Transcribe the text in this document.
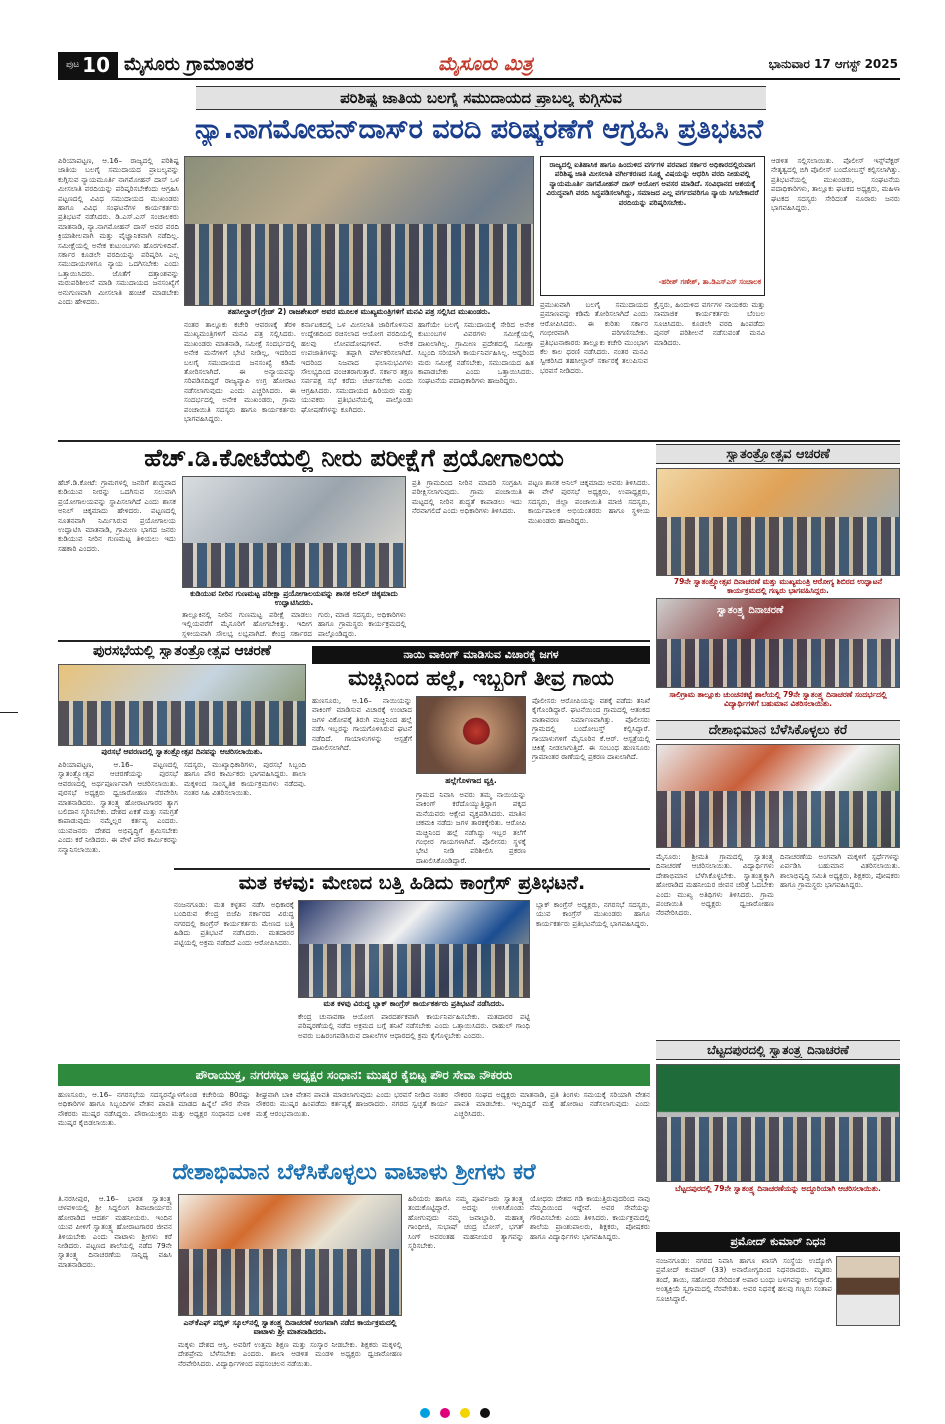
ಪುಟ 10 ಮೈಸೂರು ಗ್ರಾಮಾಂತರ	ಮೈಸೂರು ಮಿತ್ರ	ಭಾನುವಾರ 17 ಆಗಸ್ಟ್ 2025
ಪರಿಶಿಷ್ಟ ಜಾತಿಯ ಬಲಗೈ ಸಮುದಾಯದ ಪ್ರಾಬಲ್ಯ ಕುಗ್ಗಿಸುವ
ನ್ಯಾ.ನಾಗಮೋಹನ್‌ದಾಸ್‌ರ ವರದಿ ಪರಿಷ್ಕರಣೆಗೆ ಆಗ್ರಹಿಸಿ ಪ್ರತಿಭಟನೆ
ಪಿರಿಯಾಪಟ್ಟಣ, ಆ.16– ರಾಜ್ಯದಲ್ಲಿ ಪರಿಶಿಷ್ಟ ಜಾತಿಯ ಬಲಗೈ ಸಮುದಾಯದ ಪ್ರಾಬಲ್ಯವನ್ನು ಕುಗ್ಗಿಸುವ ನ್ಯಾಯಮೂರ್ತಿ ನಾಗಮೋಹನ್ ದಾಸ್ ಒಳ ಮೀಸಲಾತಿ ವರದಿಯನ್ನು ಪರಿಷ್ಕರಿಸಬೇಕೆಂದು ಆಗ್ರಹಿಸಿ ಪಟ್ಟಣದಲ್ಲಿ ವಿವಿಧ ಸಮುದಾಯದ ಮುಖಂಡರು ಹಾಗೂ ವಿವಿಧ ಸಂಘಟನೆಗಳ ಕಾರ್ಯಕರ್ತರು ಪ್ರತಿಭಟನೆ ನಡೆಸಿದರು. ಡಿ.ಎಸ್.ಎಸ್ ಸಂಚಾಲಕರು ಮಾತನಾಡಿ, ನ್ಯಾ.ನಾಗಮೋಹನ್ ದಾಸ್ ಅವರ ವರದಿ ಕ್ರಿಯಾಶೀಲವಾಗಿ ಮತ್ತು ವೈಜ್ಞಾನಿಕವಾಗಿ ನಡೆದಿಲ್ಲ. ಸಮೀಕ್ಷೆಯಲ್ಲಿ ಅನೇಕ ಕುಟುಂಬಗಳು ಹೊರಗುಳಿದಿವೆ. ಸರ್ಕಾರ ಕೂಡಲೇ ವರದಿಯನ್ನು ಪರಿಷ್ಕರಿಸಿ ಎಲ್ಲ ಸಮುದಾಯಗಳಿಗೂ ನ್ಯಾಯ ಒದಗಿಸಬೇಕು ಎಂದು ಒತ್ತಾಯಿಸಿದರು. ಜೊತೆಗೆ ದತ್ತಾಂಶವನ್ನು ಮರುಪರಿಶೀಲನೆ ಮಾಡಿ ಸಮುದಾಯದ ಜನಸಂಖ್ಯೆಗೆ ಅನುಗುಣವಾಗಿ ಮೀಸಲಾತಿ ಹಂಚಿಕೆ ಮಾಡಬೇಕು ಎಂದು ಹೇಳಿದರು.
ತಹಸೀಲ್ದಾರ್(ಗ್ರೇಡ್ 2) ರಾಜಶೇಖರ್ ಅವರ ಮೂಲಕ ಮುಖ್ಯಮಂತ್ರಿಗಳಿಗೆ ಮನವಿ ಪತ್ರ ಸಲ್ಲಿಸಿದ ಮುಖಂಡರು.
ರಾಜ್ಯದಲ್ಲಿ ಐತಿಹಾಸಿಕ ಹಾಗೂ ಹಿಂದುಳಿದ ವರ್ಗಗಳ ಪರವಾದ ಸರ್ಕಾರ ಅಧಿಕಾರದಲ್ಲಿರುವಾಗ ಪರಿಶಿಷ್ಟ ಜಾತಿ ಮೀಸಲಾತಿ ವರ್ಗೀಕರಣದ ಸೂಕ್ಷ್ಮ ವಿಷಯನ್ನು ಆಧರಿಸಿ ವರದಿ ನೀಡುವಲ್ಲಿ ನ್ಯಾಯಮೂರ್ತಿ ನಾಗಮೋಹನ್ ದಾಸ್ ಆಯೋಗ ಅವಸರ ಮಾಡಿದೆ. ಸಂವಿಧಾನದ ಆಶಯಕ್ಕೆ ವಿರುದ್ಧವಾಗಿ ವರದಿ ಸಿದ್ಧಪಡಿಸಲಾಗಿದ್ದು, ಸಮಾಜದ ಎಲ್ಲ ವರ್ಗದವರಿಗೂ ನ್ಯಾಯ ಸಿಗಬೇಕಾದರೆ ವರದಿಯನ್ನು ಪರಿಷ್ಕರಿಸಬೇಕು.
-ಹರೀಶ್ ಗಣೇಶ್, ತಾ.ಡಿಎಸ್‌ಎಸ್ ಸಂಚಾಲಕ
ನಂತರ ತಾಲ್ಲೂಕು ಕಚೇರಿ ಆವರಣಕ್ಕೆ ತೆರಳಿ ಮುಖ್ಯಮಂತ್ರಿಗಳಿಗೆ ಮನವಿ ಪತ್ರ ಸಲ್ಲಿಸಿದರು. ಮುಖಂಡರು ಮಾತನಾಡಿ, ಸಮೀಕ್ಷೆ ಸಂದರ್ಭದಲ್ಲಿ ಅನೇಕ ಮನೆಗಳಿಗೆ ಭೇಟಿ ನೀಡಿಲ್ಲ, ಇದರಿಂದ ಬಲಗೈ ಸಮುದಾಯದ ಜನಸಂಖ್ಯೆ ಕಡಿಮೆ ತೋರಿಸಲಾಗಿದೆ. ಈ ಅನ್ಯಾಯವನ್ನು ಸರಿಪಡಿಸದಿದ್ದರೆ ರಾಜ್ಯವ್ಯಾಪಿ ಉಗ್ರ ಹೋರಾಟ ನಡೆಸಲಾಗುವುದು ಎಂದು ಎಚ್ಚರಿಸಿದರು. ಈ ಸಂದರ್ಭದಲ್ಲಿ ಅನೇಕ ಮುಖಂಡರು, ಗ್ರಾಮ ಪಂಚಾಯಿತಿ ಸದಸ್ಯರು ಹಾಗೂ ಕಾರ್ಯಕರ್ತರು ಭಾಗವಹಿಸಿದ್ದರು.
ಕರ್ನಾಟಕದಲ್ಲಿ ಒಳ ಮೀಸಲಾತಿ ಜಾರಿಗೊಳಿಸುವ ಉದ್ದೇಶದಿಂದ ರಚಿಸಲಾದ ಆಯೋಗ ವರದಿಯಲ್ಲಿ ಹಲವು ಲೋಪದೋಷಗಳಿವೆ. ಅನೇಕ ಉಪಜಾತಿಗಳನ್ನು ತಪ್ಪಾಗಿ ವರ್ಗೀಕರಿಸಲಾಗಿದೆ. ಇದರಿಂದ ನಿಜವಾದ ಫಲಾನುಭವಿಗಳು ಸೌಲಭ್ಯದಿಂದ ವಂಚಿತರಾಗುತ್ತಾರೆ. ಸರ್ಕಾರ ತಕ್ಷಣ ಸರ್ವಪಕ್ಷ ಸಭೆ ಕರೆದು ಚರ್ಚಿಸಬೇಕು ಎಂದು ಆಗ್ರಹಿಸಿದರು. ಸಮುದಾಯದ ಹಿರಿಯರು ಮತ್ತು ಯುವಕರು ಪ್ರತಿಭಟನೆಯಲ್ಲಿ ಪಾಲ್ಗೊಂಡು ಘೋಷಣೆಗಳನ್ನು ಕೂಗಿದರು.
ಹಾಗೆಯೇ ಬಲಗೈ ಸಮುದಾಯಕ್ಕೆ ಸೇರಿದ ಅನೇಕ ಕುಟುಂಬಗಳ ವಿವರಗಳು ಸಮೀಕ್ಷೆಯಲ್ಲಿ ದಾಖಲಾಗಿಲ್ಲ. ಗ್ರಾಮೀಣ ಪ್ರದೇಶದಲ್ಲಿ ಸಮೀಕ್ಷಾ ಸಿಬ್ಬಂದಿ ಸರಿಯಾಗಿ ಕಾರ್ಯನಿರ್ವಹಿಸಿಲ್ಲ. ಆದ್ದರಿಂದ ಮರು ಸಮೀಕ್ಷೆ ನಡೆಸಬೇಕು, ಸಮುದಾಯದ ಹಿತ ಕಾಪಾಡಬೇಕು ಎಂದು ಒತ್ತಾಯಿಸಿದರು. ಸಂಘಟನೆಯ ಪದಾಧಿಕಾರಿಗಳು ಹಾಜರಿದ್ದರು.
ಪ್ರಮುಖವಾಗಿ ಬಲಗೈ ಸಮುದಾಯದ ಪ್ರಮಾಣವನ್ನು ಕಡಿಮೆ ತೋರಿಸಲಾಗಿದೆ ಎಂದು ಆರೋಪಿಸಿದರು. ಈ ಕುರಿತು ಸರ್ಕಾರ ಗಂಭೀರವಾಗಿ ಪರಿಗಣಿಸಬೇಕು. ಪ್ರತಿಭಟನಾಕಾರರು ತಾಲ್ಲೂಕು ಕಚೇರಿ ಮುಂಭಾಗ ಕೆಲ ಕಾಲ ಧರಣಿ ನಡೆಸಿದರು. ನಂತರ ಮನವಿ ಸ್ವೀಕರಿಸಿದ ತಹಸೀಲ್ದಾರ್ ಸರ್ಕಾರಕ್ಕೆ ತಲುಪಿಸುವ ಭರವಸೆ ನೀಡಿದರು.
ಕ್ರೈಸ್ತರು, ಹಿಂದುಳಿದ ವರ್ಗಗಳ ನಾಯಕರು ಮತ್ತು ಸಾಮಾಜಿಕ ಕಾರ್ಯಕರ್ತರು ಬೆಂಬಲ ಸೂಚಿಸಿದರು. ಕೂಡಲೇ ವರದಿ ಹಿಂಪಡೆದು ಪುನರ್ ಪರಿಶೀಲನೆ ನಡೆಸುವಂತೆ ಮನವಿ ಮಾಡಿದರು.
ಆಡಳಿತ ಸಲ್ಲಿಸಲಾಯಿತು. ಪೊಲೀಸ್ ಇನ್ಸ್‌ಪೆಕ್ಟರ್ ನೇತೃತ್ವದಲ್ಲಿ ಬಿಗಿ ಪೊಲೀಸ್ ಬಂದೋಬಸ್ತ್ ಕಲ್ಪಿಸಲಾಗಿತ್ತು. ಪ್ರತಿಭಟನೆಯಲ್ಲಿ ಮುಖಂಡರು, ಸಂಘಟನೆಯ ಪದಾಧಿಕಾರಿಗಳು, ತಾಲ್ಲೂಕು ಘಟಕದ ಅಧ್ಯಕ್ಷರು, ಮಹಿಳಾ ಘಟಕದ ಸದಸ್ಯರು ಸೇರಿದಂತೆ ನೂರಾರು ಜನರು ಭಾಗವಹಿಸಿದ್ದರು.
ಹೆಚ್.ಡಿ.ಕೋಟೆಯಲ್ಲಿ ನೀರು ಪರೀಕ್ಷೆಗೆ ಪ್ರಯೋಗಾಲಯ
ಹೆಚ್.ಡಿ.ಕೋಟೆ: ಗ್ರಾಮಗಳಲ್ಲಿ ಜನರಿಗೆ ಶುದ್ಧವಾದ ಕುಡಿಯುವ ನೀರನ್ನು ಒದಗಿಸುವ ಸಲುವಾಗಿ ಪ್ರಯೋಗಾಲಯವನ್ನು ಸ್ಥಾಪಿಸಲಾಗಿದೆ ಎಂದು ಶಾಸಕ ಅನಿಲ್ ಚಿಕ್ಕಮಾದು ಹೇಳಿದರು. ಪಟ್ಟಣದಲ್ಲಿ ನೂತನವಾಗಿ ನಿರ್ಮಿಸಿರುವ ಪ್ರಯೋಗಾಲಯ ಉದ್ಘಾಟಿಸಿ ಮಾತನಾಡಿ, ಗ್ರಾಮೀಣ ಭಾಗದ ಜನರು ಕುಡಿಯುವ ನೀರಿನ ಗುಣಮಟ್ಟ ತಿಳಿಯಲು ಇದು ಸಹಕಾರಿ ಎಂದರು.
ಕುಡಿಯುವ ನೀರಿನ ಗುಣಮಟ್ಟ ಪರೀಕ್ಷಾ ಪ್ರಯೋಗಾಲಯವನ್ನು ಶಾಸಕ ಅನಿಲ್ ಚಿಕ್ಕಮಾದು ಉದ್ಘಾಟಿಸಿದರು.
ತಾಲ್ಲೂಕಿನಲ್ಲಿ ನೀರಿನ ಗುಣಮಟ್ಟ ಪರೀಕ್ಷೆ ಮಾಡಲು ಇಲ್ಲಿಯವರೆಗೆ ಮೈಸೂರಿಗೆ ಹೋಗಬೇಕಿತ್ತು. ಇದೀಗ ಸ್ಥಳೀಯವಾಗಿ ಸೌಲಭ್ಯ ಲಭ್ಯವಾಗಿದೆ. ಕೇಂದ್ರ ಸರ್ಕಾರದ
ಗುರು, ಮಾಜಿ ಸದಸ್ಯರು, ಅಧಿಕಾರಿಗಳು ಹಾಗೂ ಗ್ರಾಮಸ್ಥರು ಕಾರ್ಯಕ್ರಮದಲ್ಲಿ ಪಾಲ್ಗೊಂಡಿದ್ದರು.
ಪ್ರತಿ ಗ್ರಾಮದಿಂದ ನೀರಿನ ಮಾದರಿ ಸಂಗ್ರಹಿಸಿ ಪರೀಕ್ಷಿಸಲಾಗುವುದು. ಗ್ರಾಮ ಪಂಚಾಯಿತಿ ಮಟ್ಟದಲ್ಲಿ ನೀರಿನ ಶುದ್ಧತೆ ಕಾಪಾಡಲು ಇದು ನೆರವಾಗಲಿದೆ ಎಂದು ಅಧಿಕಾರಿಗಳು ತಿಳಿಸಿದರು.
ಪಟ್ಟಣ ಶಾಸಕ ಅನಿಲ್ ಚಿಕ್ಕಮಾದು ಅವರು ತಿಳಿಸಿದರು. ಈ ವೇಳೆ ಪುರಸಭೆ ಅಧ್ಯಕ್ಷರು, ಉಪಾಧ್ಯಕ್ಷರು, ಸದಸ್ಯರು, ಜಿಲ್ಲಾ ಪಂಚಾಯಿತಿ ಮಾಜಿ ಸದಸ್ಯರು, ಕಾರ್ಯಪಾಲಕ ಅಭಿಯಂತರರು ಹಾಗೂ ಸ್ಥಳೀಯ ಮುಖಂಡರು ಹಾಜರಿದ್ದರು.
ಸ್ವಾತಂತ್ರ್ಯೋತ್ಸವ ಆಚರಣೆ
79ನೇ ಸ್ವಾತಂತ್ರ್ಯೋತ್ಸವ ದಿನಾಚರಣೆ ಮತ್ತು ಮುಖ್ಯಮಂತ್ರಿ ಆರೋಗ್ಯ ಶಿಬಿರದ ಉದ್ಘಾಟನೆ ಕಾರ್ಯಕ್ರಮದಲ್ಲಿ ಗಣ್ಯರು ಭಾಗವಹಿಸಿದ್ದರು.
ಸ್ವಾತಂತ್ರ್ಯ ದಿನಾಚರಣೆ
ಸಾಲಿಗ್ರಾಮ ತಾಲ್ಲೂಕು ಚುಂಚನಕಟ್ಟೆ ಶಾಲೆಯಲ್ಲಿ 79ನೇ ಸ್ವಾತಂತ್ರ್ಯ ದಿನಾಚರಣೆ ಸಂದರ್ಭದಲ್ಲಿ ವಿದ್ಯಾರ್ಥಿಗಳಿಗೆ ಬಹುಮಾನ ವಿತರಿಸಲಾಯಿತು.
ಪುರಸಭೆಯಲ್ಲಿ ಸ್ವಾತಂತ್ರ್ಯೋತ್ಸವ ಆಚರಣೆ
ಪುರಸಭೆ ಆವರಣದಲ್ಲಿ ಸ್ವಾತಂತ್ರ್ಯೋತ್ಸವ ದಿನವನ್ನು ಆಚರಿಸಲಾಯಿತು.
ಪಿರಿಯಾಪಟ್ಟಣ, ಆ.16– ಪಟ್ಟಣದಲ್ಲಿ ಸ್ವಾತಂತ್ರ್ಯೋತ್ಸವ ಆಚರಣೆಯನ್ನು ಪುರಸಭೆ ಆವರಣದಲ್ಲಿ ಅರ್ಥಪೂರ್ಣವಾಗಿ ಆಚರಿಸಲಾಯಿತು. ಪುರಸಭೆ ಅಧ್ಯಕ್ಷರು ಧ್ವಜಾರೋಹಣ ನೆರವೇರಿಸಿ ಮಾತನಾಡಿದರು. ಸ್ವಾತಂತ್ರ್ಯ ಹೋರಾಟಗಾರರ ತ್ಯಾಗ ಬಲಿದಾನ ಸ್ಮರಿಸಬೇಕು. ದೇಶದ ಏಕತೆ ಮತ್ತು ಸಮಗ್ರತೆ ಕಾಪಾಡುವುದು ನಮ್ಮೆಲ್ಲರ ಕರ್ತವ್ಯ ಎಂದರು. ಯುವಜನರು ದೇಶದ ಅಭಿವೃದ್ಧಿಗೆ ಶ್ರಮಿಸಬೇಕು ಎಂದು ಕರೆ ನೀಡಿದರು. ಈ ವೇಳೆ ಪೌರ ಕಾರ್ಮಿಕರನ್ನು ಸನ್ಮಾನಿಸಲಾಯಿತು.
ಸದಸ್ಯರು, ಮುಖ್ಯಾಧಿಕಾರಿಗಳು, ಪುರಸಭೆ ಸಿಬ್ಬಂದಿ ಹಾಗೂ ಪೌರ ಕಾರ್ಮಿಕರು ಭಾಗವಹಿಸಿದ್ದರು. ಶಾಲಾ ಮಕ್ಕಳಿಂದ ಸಾಂಸ್ಕೃತಿಕ ಕಾರ್ಯಕ್ರಮಗಳು ನಡೆದವು. ನಂತರ ಸಿಹಿ ವಿತರಿಸಲಾಯಿತು.
ನಾಯಿ ವಾಕಿಂಗ್ ಮಾಡಿಸುವ ವಿಚಾರಕ್ಕೆ ಜಗಳ
ಮಚ್ಚಿನಿಂದ ಹಲ್ಲೆ, ಇಬ್ಬರಿಗೆ ತೀವ್ರ ಗಾಯ
ಹುಣಸೂರು, ಆ.16– ನಾಯಿಯನ್ನು ವಾಕಿಂಗ್ ಮಾಡಿಸುವ ವಿಚಾರಕ್ಕೆ ಉಂಟಾದ ಜಗಳ ವಿಕೋಪಕ್ಕೆ ತಿರುಗಿ ಮಚ್ಚಿನಿಂದ ಹಲ್ಲೆ ನಡೆಸಿ ಇಬ್ಬರನ್ನು ಗಾಯಗೊಳಿಸಿರುವ ಘಟನೆ ನಡೆದಿದೆ. ಗಾಯಾಳುಗಳನ್ನು ಆಸ್ಪತ್ರೆಗೆ ದಾಖಲಿಸಲಾಗಿದೆ.
ಹಲ್ಲೆಗೊಳಗಾದ ವ್ಯಕ್ತಿ.
ಗ್ರಾಮದ ನಿವಾಸಿ ಅವರು ತಮ್ಮ ನಾಯಿಯನ್ನು ವಾಕಿಂಗ್ ಕರೆದೊಯ್ಯುತ್ತಿದ್ದಾಗ ಪಕ್ಕದ ಮನೆಯವರು ಆಕ್ಷೇಪ ವ್ಯಕ್ತಪಡಿಸಿದರು. ಮಾತಿನ ಚಕಮಕಿ ನಡೆದು ಜಗಳ ತಾರಕಕ್ಕೇರಿತು. ಆರೋಪಿ ಮಚ್ಚಿನಿಂದ ಹಲ್ಲೆ ನಡೆಸಿದ್ದು ಇಬ್ಬರ ತಲೆಗೆ ಗಂಭೀರ ಗಾಯಗಳಾಗಿವೆ. ಪೊಲೀಸರು ಸ್ಥಳಕ್ಕೆ ಭೇಟಿ ನೀಡಿ ಪರಿಶೀಲಿಸಿ ಪ್ರಕರಣ ದಾಖಲಿಸಿಕೊಂಡಿದ್ದಾರೆ.
ಪೊಲೀಸರು ಆರೋಪಿಯನ್ನು ವಶಕ್ಕೆ ಪಡೆದು ತನಿಖೆ ಕೈಗೊಂಡಿದ್ದಾರೆ. ಘಟನೆಯಿಂದ ಗ್ರಾಮದಲ್ಲಿ ಆತಂಕದ ವಾತಾವರಣ ನಿರ್ಮಾಣವಾಗಿತ್ತು. ಪೊಲೀಸರು ಗ್ರಾಮದಲ್ಲಿ ಬಂದೋಬಸ್ತ್ ಕಲ್ಪಿಸಿದ್ದಾರೆ. ಗಾಯಾಳುಗಳಿಗೆ ಮೈಸೂರಿನ ಕೆ.ಆರ್. ಆಸ್ಪತ್ರೆಯಲ್ಲಿ ಚಿಕಿತ್ಸೆ ನೀಡಲಾಗುತ್ತಿದೆ. ಈ ಸಂಬಂಧ ಹುಣಸೂರು ಗ್ರಾಮಾಂತರ ಠಾಣೆಯಲ್ಲಿ ಪ್ರಕರಣ ದಾಖಲಾಗಿದೆ.
ದೇಶಾಭಿಮಾನ ಬೆಳೆಸಿಕೊಳ್ಳಲು ಕರೆ
ಮೈಸೂರು: ಶ್ರೀಮತಿ ಗ್ರಾಮದಲ್ಲಿ ಸ್ವಾತಂತ್ರ್ಯ ದಿನಾಚರಣೆ ಆಚರಿಸಲಾಯಿತು. ವಿದ್ಯಾರ್ಥಿಗಳು ದೇಶಾಭಿಮಾನ ಬೆಳೆಸಿಕೊಳ್ಳಬೇಕು. ಸ್ವಾತಂತ್ರ್ಯಕ್ಕಾಗಿ ಹೋರಾಡಿದ ಮಹನೀಯರ ಜೀವನ ಚರಿತ್ರೆ ಓದಬೇಕು ಎಂದು ಮುಖ್ಯ ಅತಿಥಿಗಳು ತಿಳಿಸಿದರು. ಗ್ರಾಮ ಪಂಚಾಯಿತಿ ಅಧ್ಯಕ್ಷರು ಧ್ವಜಾರೋಹಣ ನೆರವೇರಿಸಿದರು.
ದಿನಾಚರಣೆಯ ಅಂಗವಾಗಿ ಮಕ್ಕಳಿಗೆ ಸ್ಪರ್ಧೆಗಳನ್ನು ಏರ್ಪಡಿಸಿ ಬಹುಮಾನ ವಿತರಿಸಲಾಯಿತು. ಶಾಲಾಭಿವೃದ್ಧಿ ಸಮಿತಿ ಅಧ್ಯಕ್ಷರು, ಶಿಕ್ಷಕರು, ಪೋಷಕರು ಹಾಗೂ ಗ್ರಾಮಸ್ಥರು ಭಾಗವಹಿಸಿದ್ದರು.
ಮತ ಕಳವು: ಮೇಣದ ಬತ್ತಿ ಹಿಡಿದು ಕಾಂಗ್ರೆಸ್ ಪ್ರತಿಭಟನೆ.
ನಂಜನಗೂಡು: ಮತ ಕಳ್ಳತನ ನಡೆಸಿ ಅಧಿಕಾರಕ್ಕೆ ಬಂದಿರುವ ಕೇಂದ್ರ ಬಿಜೆಪಿ ಸರ್ಕಾರದ ವಿರುದ್ಧ ನಗರದಲ್ಲಿ ಕಾಂಗ್ರೆಸ್ ಕಾರ್ಯಕರ್ತರು ಮೇಣದ ಬತ್ತಿ ಹಿಡಿದು ಪ್ರತಿಭಟನೆ ನಡೆಸಿದರು. ಮತದಾರರ ಪಟ್ಟಿಯಲ್ಲಿ ಅಕ್ರಮ ನಡೆದಿದೆ ಎಂದು ಆರೋಪಿಸಿದರು.
ಮತ ಕಳವು ವಿರುದ್ಧ ಬ್ಲಾಕ್ ಕಾಂಗ್ರೆಸ್ ಕಾರ್ಯಕರ್ತರು ಪ್ರತಿಭಟನೆ ನಡೆಸಿದರು.
ಕೇಂದ್ರ ಚುನಾವಣಾ ಆಯೋಗ ಪಾರದರ್ಶಕವಾಗಿ ಕಾರ್ಯನಿರ್ವಹಿಸಬೇಕು. ಮತದಾರರ ಪಟ್ಟಿ ಪರಿಷ್ಕರಣೆಯಲ್ಲಿ ನಡೆದ ಅಕ್ರಮದ ಬಗ್ಗೆ ತನಿಖೆ ನಡೆಸಬೇಕು ಎಂದು ಒತ್ತಾಯಿಸಿದರು. ರಾಹುಲ್ ಗಾಂಧಿ ಅವರು ಬಹಿರಂಗಪಡಿಸಿರುವ ದಾಖಲೆಗಳ ಆಧಾರದಲ್ಲಿ ಕ್ರಮ ಕೈಗೊಳ್ಳಬೇಕು ಎಂದರು.
ಬ್ಲಾಕ್ ಕಾಂಗ್ರೆಸ್ ಅಧ್ಯಕ್ಷರು, ನಗರಸಭೆ ಸದಸ್ಯರು, ಯುವ ಕಾಂಗ್ರೆಸ್ ಮುಖಂಡರು ಹಾಗೂ ಕಾರ್ಯಕರ್ತರು ಪ್ರತಿಭಟನೆಯಲ್ಲಿ ಭಾಗವಹಿಸಿದ್ದರು.
ಬೆಟ್ಟದಪುರದಲ್ಲಿ ಸ್ವಾತಂತ್ರ್ಯ ದಿನಾಚರಣೆ
ಬೆಟ್ಟದಪುರದಲ್ಲಿ 79ನೇ ಸ್ವಾತಂತ್ರ್ಯ ದಿನಾಚರಣೆಯನ್ನು ಅದ್ದೂರಿಯಾಗಿ ಆಚರಿಸಲಾಯಿತು.
ಪೌರಾಯುಕ್ತ, ನಗರಸಭಾ ಅಧ್ಯಕ್ಷರ ಸಂಧಾನ: ಮುಷ್ಕರ ಕೈಬಿಟ್ಟ ಪೌರ ಸೇವಾ ನೌಕರರು
ಹುಣಸೂರು, ಆ.16– ನಗರಸಭೆಯ ಸದಸ್ಯರನ್ನೊಳಗೊಂಡ ಕಚೇರಿಯ 80ರಷ್ಟು ಅಧಿಕಾರಿಗಳ ಹಾಗೂ ಸಿಬ್ಬಂದಿಗಳ ವೇತನ ಪಾವತಿ ಮಾಡದ ಹಿನ್ನೆಲೆ ಪೌರ ಸೇವಾ ನೌಕರರು ಮುಷ್ಕರ ನಡೆಸಿದ್ದರು. ಪೌರಾಯುಕ್ತರು ಮತ್ತು ಅಧ್ಯಕ್ಷರ ಸಂಧಾನದ ಬಳಿಕ ಮುಷ್ಕರ ಕೈಬಿಡಲಾಯಿತು.
ಶೀಘ್ರವಾಗಿ ಬಾಕಿ ವೇತನ ಪಾವತಿ ಮಾಡಲಾಗುವುದು ಎಂದು ಭರವಸೆ ನೀಡಿದ ನಂತರ ನೌಕರರು ಮುಷ್ಕರ ಹಿಂಪಡೆದು ಕರ್ತವ್ಯಕ್ಕೆ ಹಾಜರಾದರು. ನಗರದ ಸ್ವಚ್ಛತೆ ಕಾರ್ಯ ಮತ್ತೆ ಆರಂಭವಾಯಿತು.
ನೌಕರರ ಸಂಘದ ಅಧ್ಯಕ್ಷರು ಮಾತನಾಡಿ, ಪ್ರತಿ ತಿಂಗಳು ಸಮಯಕ್ಕೆ ಸರಿಯಾಗಿ ವೇತನ ಪಾವತಿ ಮಾಡಬೇಕು. ಇಲ್ಲದಿದ್ದರೆ ಮತ್ತೆ ಹೋರಾಟ ನಡೆಸಲಾಗುವುದು ಎಂದು ಎಚ್ಚರಿಸಿದರು.
ದೇಶಾಭಿಮಾನ ಬೆಳೆಸಿಕೊಳ್ಳಲು ವಾಟಾಳು ಶ್ರೀಗಳು ಕರೆ
ತಿ.ನರಸೀಪುರ, ಆ.16– ಭಾರತ ಸ್ವಾತಂತ್ರ್ಯ ಚಳವಳಿಯಲ್ಲಿ ಶ್ರೀ ಸಿದ್ದಲಿಂಗ ಶಿವಾಚಾರ್ಯರು ಹೋರಾಡಿದ ಆದರ್ಶ ಮಹನೀಯರು. ಇಂದಿನ ಯುವ ಪೀಳಿಗೆ ಸ್ವಾತಂತ್ರ್ಯ ಹೋರಾಟಗಾರರ ಜೀವನ ತಿಳಿಯಬೇಕು ಎಂದು ವಾಟಾಳು ಶ್ರೀಗಳು ಕರೆ ನೀಡಿದರು. ಪಟ್ಟಣದ ಶಾಲೆಯಲ್ಲಿ ನಡೆದ 79ನೇ ಸ್ವಾತಂತ್ರ್ಯ ದಿನಾಚರಣೆಯ ಸಾನ್ನಿಧ್ಯ ವಹಿಸಿ ಮಾತನಾಡಿದರು.
ಎನ್‌ಕೆಎಫ್ ಪಬ್ಲಿಕ್ ಸ್ಕೂಲ್‌ನಲ್ಲಿ ಸ್ವಾತಂತ್ರ್ಯ ದಿನಾಚರಣೆ ಅಂಗವಾಗಿ ನಡೆದ ಕಾರ್ಯಕ್ರಮದಲ್ಲಿ ವಾಟಾಳು ಶ್ರೀ ಮಾತನಾಡಿದರು.
ಮಕ್ಕಳು ದೇಶದ ಆಸ್ತಿ. ಅವರಿಗೆ ಉತ್ತಮ ಶಿಕ್ಷಣ ಮತ್ತು ಸಂಸ್ಕಾರ ನೀಡಬೇಕು. ಶಿಕ್ಷಕರು ಮಕ್ಕಳಲ್ಲಿ ದೇಶಪ್ರೇಮ ಬೆಳೆಸಬೇಕು ಎಂದರು. ಶಾಲಾ ಆಡಳಿತ ಮಂಡಳಿ ಅಧ್ಯಕ್ಷರು ಧ್ವಜಾರೋಹಣ ನೆರವೇರಿಸಿದರು. ವಿದ್ಯಾರ್ಥಿಗಳಿಂದ ಪಥಸಂಚಲನ ನಡೆಯಿತು.
ಹಿರಿಯರು ಹಾಗೂ ನಮ್ಮ ಪೂರ್ವಜರು ಸ್ವಾತಂತ್ರ್ಯ ತಂದುಕೊಟ್ಟಿದ್ದಾರೆ. ಅದನ್ನು ಉಳಿಸಿಕೊಂಡು ಹೋಗುವುದು ನಮ್ಮ ಜವಾಬ್ದಾರಿ. ಮಹಾತ್ಮ ಗಾಂಧೀಜಿ, ಸುಭಾಷ್ ಚಂದ್ರ ಬೋಸ್, ಭಗತ್ ಸಿಂಗ್ ಅವರಂತಹ ಮಹನೀಯರ ತ್ಯಾಗವನ್ನು ಸ್ಮರಿಸಬೇಕು.
ಯೋಧರು ದೇಶದ ಗಡಿ ಕಾಯುತ್ತಿರುವುದರಿಂದ ನಾವು ನೆಮ್ಮದಿಯಿಂದ ಇದ್ದೇವೆ. ಅವರ ಸೇವೆಯನ್ನು ಗೌರವಿಸಬೇಕು ಎಂದು ತಿಳಿಸಿದರು. ಕಾರ್ಯಕ್ರಮದಲ್ಲಿ ಶಾಲೆಯ ಪ್ರಾಂಶುಪಾಲರು, ಶಿಕ್ಷಕರು, ಪೋಷಕರು ಹಾಗೂ ವಿದ್ಯಾರ್ಥಿಗಳು ಭಾಗವಹಿಸಿದ್ದರು.	ಪ್ರಮೋದ್ ಕುಮಾರ್ ನಿಧನ
ನಂಜನಗೂಡು: ನಗರದ ನಿವಾಸಿ ಹಾಗೂ ಖಾಸಗಿ ಸಂಸ್ಥೆಯ ಉದ್ಯೋಗಿ ಪ್ರಮೋದ್ ಕುಮಾರ್ (33) ಅನಾರೋಗ್ಯದಿಂದ ನಿಧನರಾದರು. ಮೃತರು ತಂದೆ, ತಾಯಿ, ಸಹೋದರ ಸೇರಿದಂತೆ ಅಪಾರ ಬಂಧು ಬಳಗವನ್ನು ಅಗಲಿದ್ದಾರೆ. ಅಂತ್ಯಕ್ರಿಯೆ ಸ್ವಗ್ರಾಮದಲ್ಲಿ ನೆರವೇರಿತು. ಅವರ ನಿಧನಕ್ಕೆ ಹಲವು ಗಣ್ಯರು ಸಂತಾಪ ಸೂಚಿಸಿದ್ದಾರೆ.
